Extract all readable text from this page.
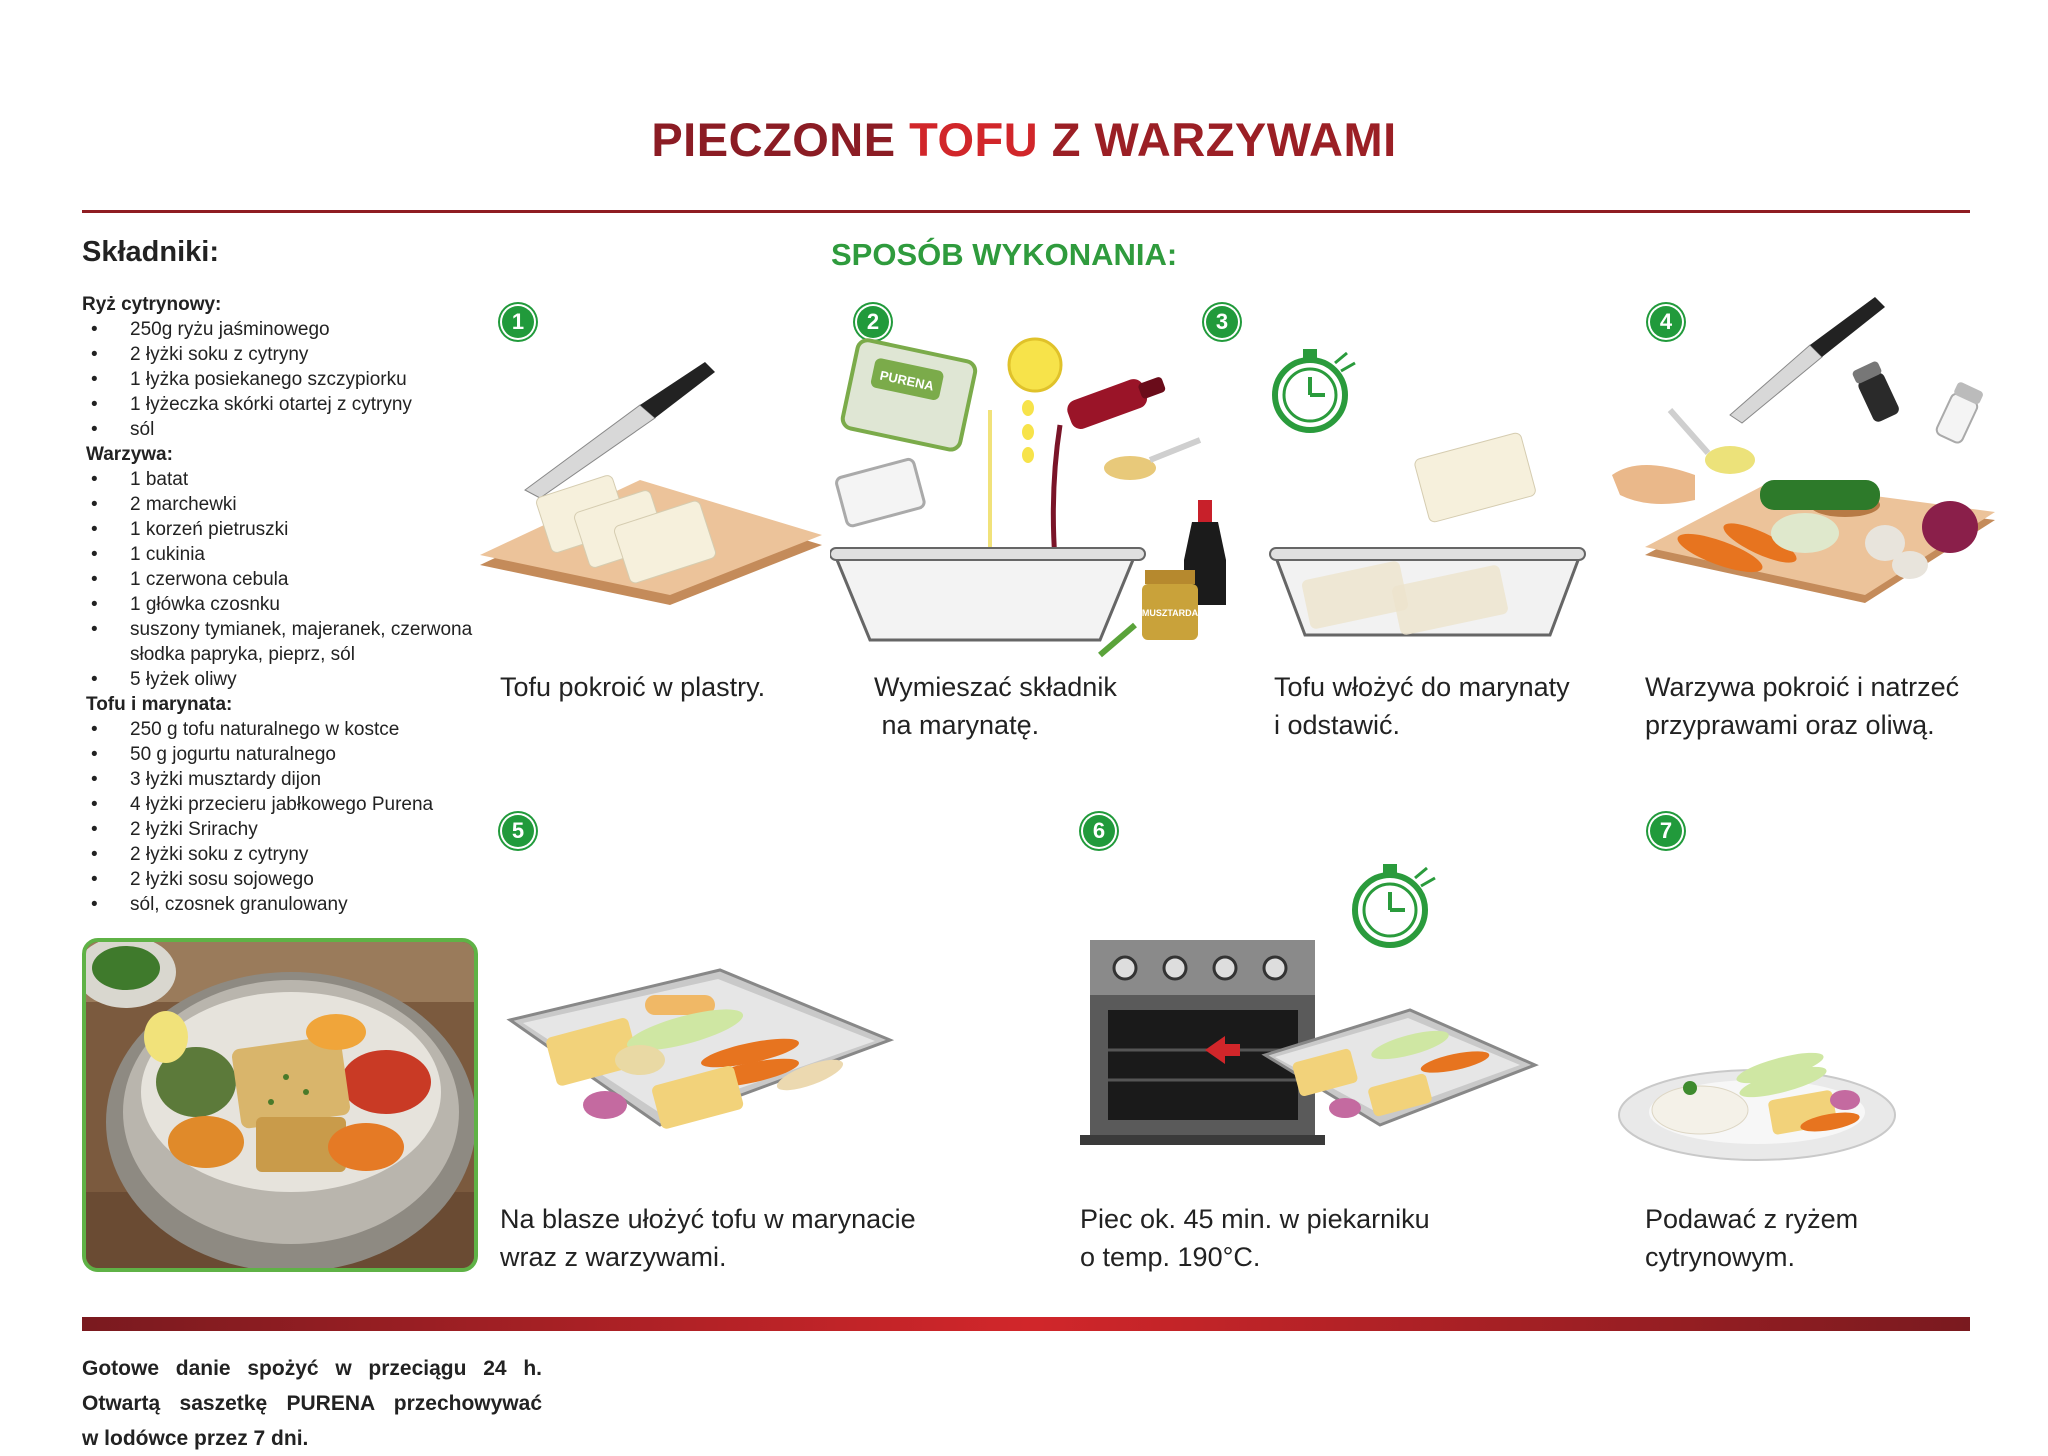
PIECZONE TOFU Z WARZYWAMI
Składniki:
Ryż cytrynowy:
• 250g ryżu jaśminowego
• 2 łyżki soku z cytryny
• 1 łyżka posiekanego szczypiorku
• 1 łyżeczka skórki otartej z cytryny
• sól
Warzywa:
• 1 batat
• 2 marchewki
• 1 korzeń pietruszki
• 1 cukinia
• 1 czerwona cebula
• 1 główka czosnku
• suszony tymianek, majeranek, czerwona słodka papryka, pieprz, sól
• 5 łyżek oliwy
Tofu i marynata:
• 250 g tofu naturalnego w kostce
• 50 g jogurtu naturalnego
• 3 łyżki musztardy dijon
• 4 łyżki przecieru jabłkowego Purena
• 2 łyżki Srirachy
• 2 łyżki soku z cytryny
• 2 łyżki sosu sojowego
• sól, czosnek granulowany
SPOSÓB WYKONANIA:
1
Tofu pokroić w plastry.
2
PURENA
MUSZTARDA
Wymieszać składnik
na marynatę.
3
Tofu włożyć do marynaty
i odstawić.
4
Warzywa pokroić i natrzeć
przyprawami oraz oliwą.
5
Na blasze ułożyć tofu w marynacie
wraz z warzywami.
6
Piec ok. 45 min. w piekarniku
o temp. 190°C.
7
Podawać z ryżem
cytrynowym.
Gotowe danie spożyć w przeciągu 24 h.
Otwartą saszetkę PURENA przechowywać
w lodówce przez 7 dni.
